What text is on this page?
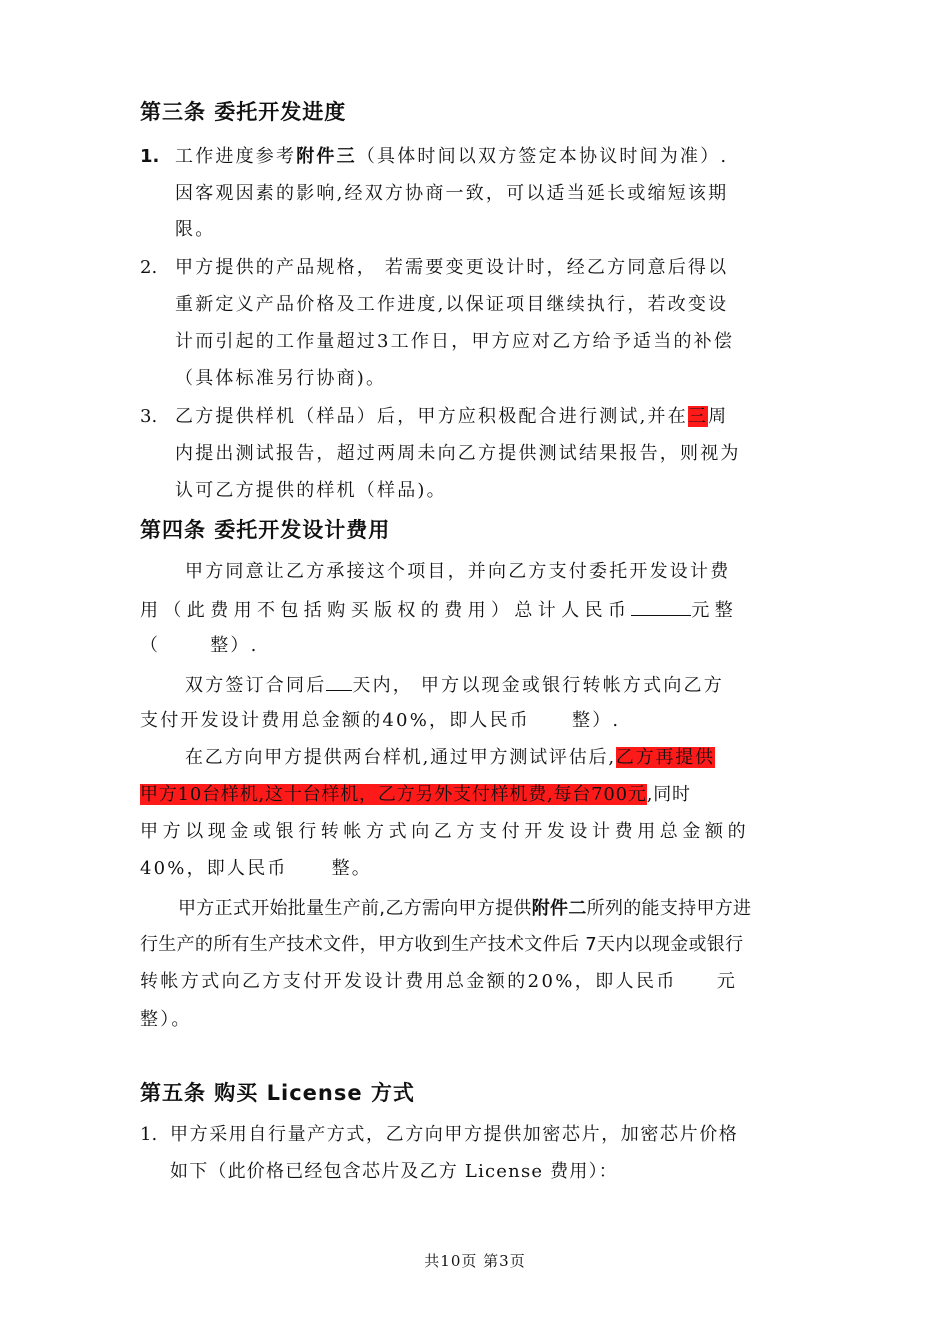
第三条 委托开发进度
1. 工作进度参考附件三（具体时间以双方签定本协议时间为准）.
因客观因素的影响,经双方协商一致，可以适当延长或缩短该期
限。
2. 甲方提供的产品规格， 若需要变更设计时，经乙方同意后得以
重新定义产品价格及工作进度,以保证项目继续执行，若改变设
计而引起的工作量超过3工作日，甲方应对乙方给予适当的补偿
（具体标准另行协商)。
3. 乙方提供样机（样品）后，甲方应积极配合进行测试,并在三周
内提出测试报告，超过两周未向乙方提供测试结果报告，则视为
认可乙方提供的样机（样品)。
第四条 委托开发设计费用
甲方同意让乙方承接这个项目，并向乙方支付委托开发设计费
用（此费用不包括购买版权的费用）总计人民币	元整
（	整）.
双方签订合同后 天内， 甲方以现金或银行转帐方式向乙方
支付开发设计费用总金额的40%，即人民币 整）.
在乙方向甲方提供两台样机,通过甲方测试评估后,乙方再提供
甲方10台样机,这十台样机，乙方另外支付样机费,每台700元,同时
甲方以现金或银行转帐方式向乙方支付开发设计费用总金额的
40%，即人民币 整。
甲方正式开始批量生产前,乙方需向甲方提供附件二所列的能支持甲方进
行生产的所有生产技术文件，甲方收到生产技术文件后 7天内以现金或银行
转帐方式向乙方支付开发设计费用总金额的20%，即人民币 元
整）。
第五条 购买 License 方式
1. 甲方采用自行量产方式，乙方向甲方提供加密芯片，加密芯片价格
如下（此价格已经包含芯片及乙方 License 费用）：
共10页 第3页
